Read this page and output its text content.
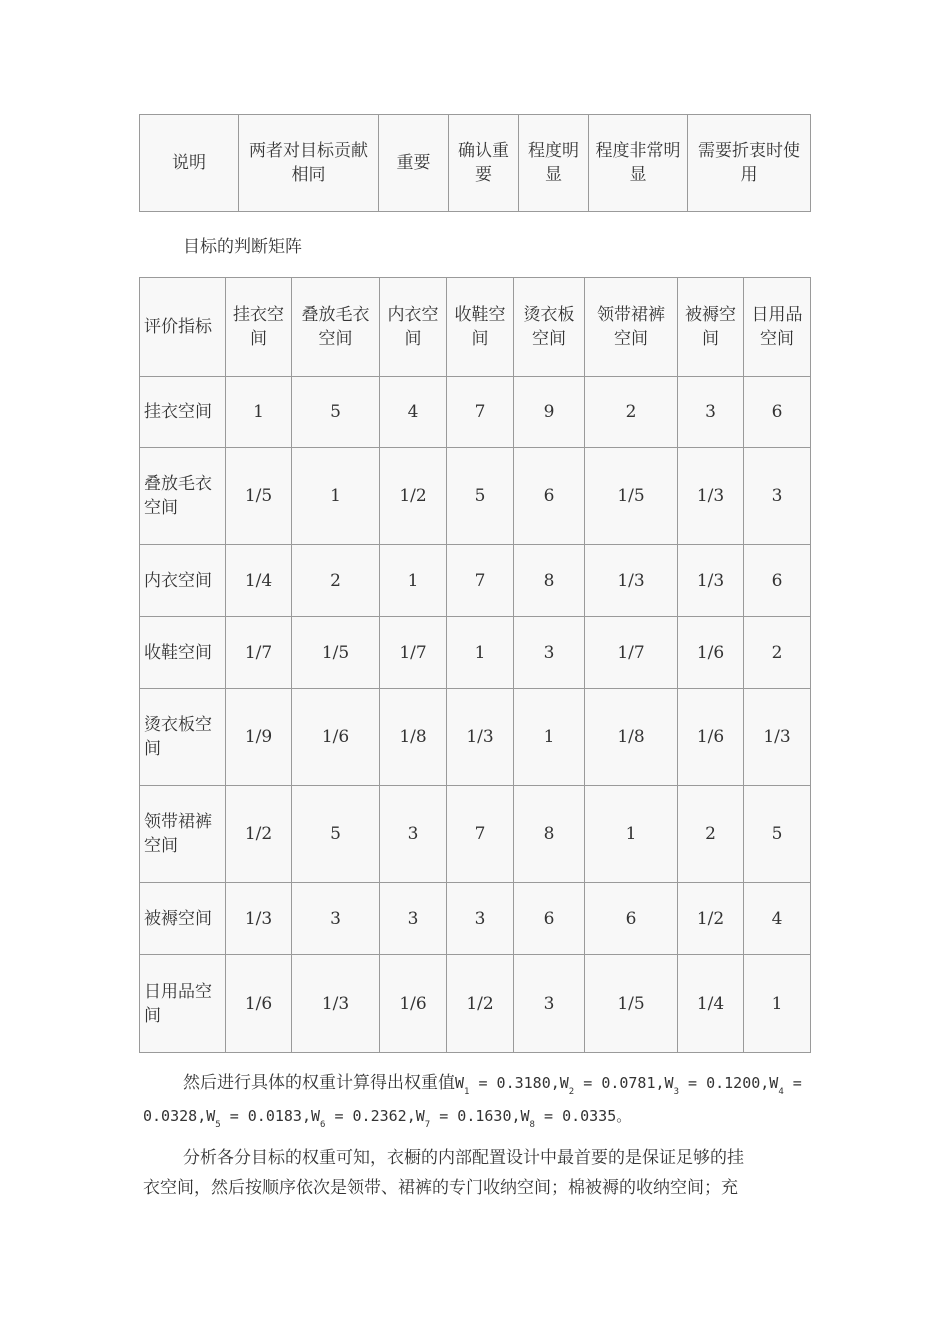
说明	两者对目标贡献相同	重要	确认重要	程度明显	程度非常明显	需要折衷时使用
目标的判断矩阵
评价指标	挂衣空间	叠放毛衣空间	内衣空间	收鞋空间	烫衣板空间	领带裙裤空间	被褥空间	日用品空间
挂衣空间	1	5	4	7	9	2	3	6
叠放毛衣空间	1/5	1	1/2	5	6	1/5	1/3	3
内衣空间	1/4	2	1	7	8	1/3	1/3	6
收鞋空间	1/7	1/5	1/7	1	3	1/7	1/6	2
烫衣板空间	1/9	1/6	1/8	1/3	1	1/8	1/6	1/3
领带裙裤空间	1/2	5	3	7	8	1	2	5
被褥空间	1/3	3	3	3	6	6	1/2	4
日用品空间	1/6	1/3	1/6	1/2	3	1/5	1/4	1
然后进行具体的权重计算得出权重值$W_1 = 0.3180,W_2 = 0.0781,W_3 = 0.1200,W_4 = 0.0328,W_5 = 0.0183,W_6 = 0.2362,W_7 = 0.1630,W_8 = 0.0335$。
分析各分目标的权重可知，衣橱的内部配置设计中最首要的是保证足够的挂
衣空间，然后按顺序依次是领带、裙裤的专门收纳空间；棉被褥的收纳空间；充
